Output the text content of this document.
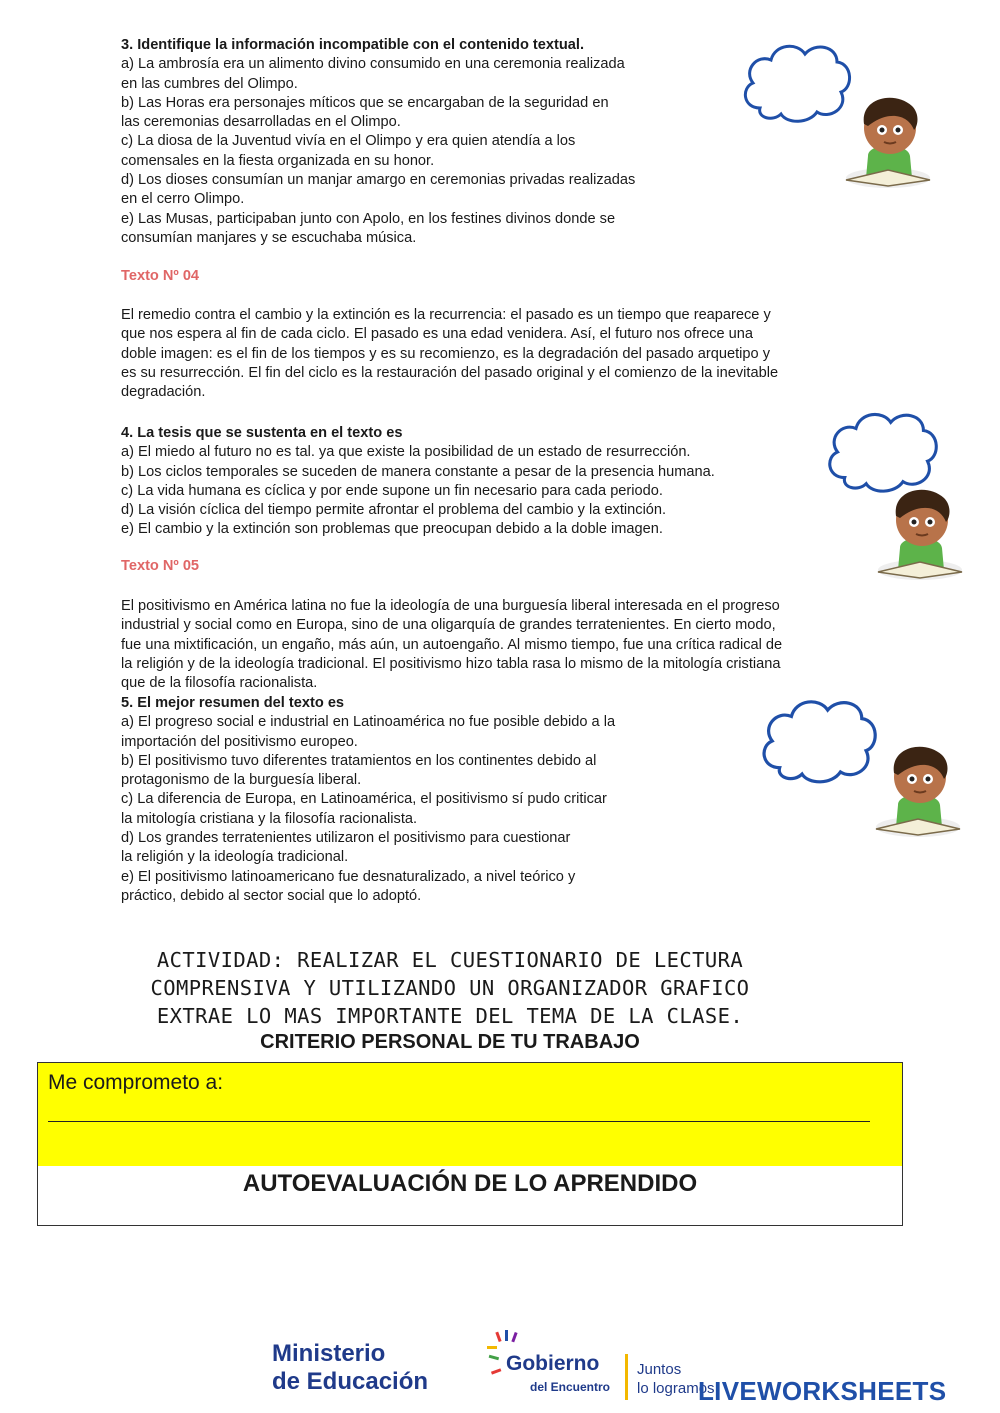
3. Identifique la información incompatible con el contenido textual.
a) La ambrosía era un alimento divino consumido en una ceremonia realizada
en las cumbres del Olimpo.
b) Las Horas era personajes míticos que se encargaban de la seguridad en
las ceremonias desarrolladas en el Olimpo.
c) La diosa de la Juventud vivía en el Olimpo y era quien atendía a los
comensales en la fiesta organizada en su honor.
d) Los dioses consumían un manjar amargo en ceremonias privadas realizadas
en el cerro Olimpo.
e) Las Musas, participaban junto con Apolo, en los festines divinos donde se
consumían manjares y se escuchaba música.
Texto Nº 04
El remedio contra el cambio y la extinción es la recurrencia: el pasado es un tiempo que reaparece y
que nos espera al fin de cada ciclo. El pasado es una edad venidera. Así, el futuro nos ofrece una
doble imagen: es el fin de los tiempos y es su recomienzo, es la degradación del pasado arquetipo y
es su resurrección. El fin del ciclo es la restauración del pasado original y el comienzo de la inevitable
degradación.
4. La tesis que se sustenta en el texto es
a) El miedo al futuro no es tal. ya que existe la posibilidad de un estado de resurrección.
b) Los ciclos temporales se suceden de manera constante a pesar de la presencia humana.
c) La vida humana es cíclica y por ende supone un fin necesario para cada periodo.
d) La visión cíclica del tiempo permite afrontar el problema del cambio y la extinción.
e) El cambio y la extinción son problemas que preocupan debido a la doble imagen.
Texto Nº 05
El positivismo en América latina no fue la ideología de una burguesía liberal interesada en el progreso
industrial y social como en Europa, sino de una oligarquía de grandes terratenientes. En cierto modo,
fue una mixtificación, un engaño, más aún, un autoengaño. Al mismo tiempo, fue una crítica radical de
la religión y de la ideología tradicional. El positivismo hizo tabla rasa lo mismo de la mitología cristiana
que de la filosofía racionalista.
5. El mejor resumen del texto es
a) El progreso social e industrial en Latinoamérica no fue posible debido a la
importación del positivismo europeo.
b) El positivismo tuvo diferentes tratamientos en los continentes debido al
protagonismo de la burguesía liberal.
c) La diferencia de Europa, en Latinoamérica, el positivismo sí pudo criticar
la mitología cristiana y la filosofía racionalista.
d) Los grandes terratenientes utilizaron el positivismo para cuestionar
la religión y la ideología tradicional.
e) El positivismo latinoamericano fue desnaturalizado, a nivel teórico y
práctico, debido al sector social que lo adoptó.
ACTIVIDAD: REALIZAR EL CUESTIONARIO DE LECTURA
COMPRENSIVA Y UTILIZANDO UN ORGANIZADOR GRAFICO
EXTRAE LO MAS IMPORTANTE DEL TEMA DE LA CLASE.
CRITERIO PERSONAL DE TU TRABAJO
Me comprometo a:
AUTOEVALUACIÓN DE LO APRENDIDO
Ministerio
de Educación
Gobierno
del Encuentro
Juntos
lo logramos
LIVEWORKSHEETS
